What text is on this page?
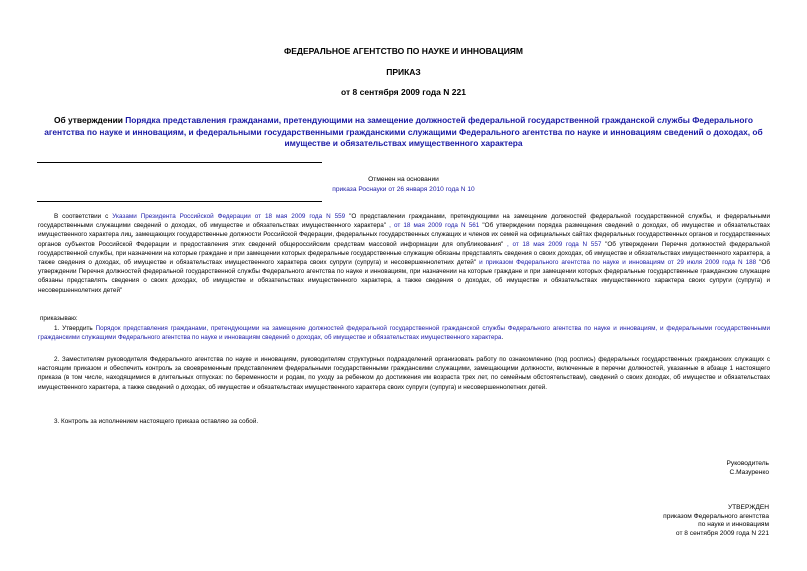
ФЕДЕРАЛЬНОЕ АГЕНТСТВО ПО НАУКЕ И ИННОВАЦИЯМ
ПРИКАЗ
от 8 сентября 2009 года N 221
Об утверждении Порядка представления гражданами, претендующими на замещение должностей федеральной государственной гражданской службы Федерального агентства по науке и инновациям, и федеральными государственными гражданскими служащими Федерального агентства по науке и инновациям сведений о доходах, об имуществе и обязательствах имущественного характера
Отменен на основании
приказа Роснауки от 26 января 2010 года N 10

В соответствии с Указами Президента Российской Федерации от 18 мая 2009 года N 559 "О представлении гражданами, претендующими на замещение должностей федеральной государственной службы, и федеральными государственными служащими сведений о доходах, об имуществе и обязательствах имущественного характера" , от 18 мая 2009 года N 561 "Об утверждении порядка размещения сведений о доходах, об имуществе и обязательствах имущественного характера лиц, замещающих государственные должности Российской Федерации, федеральных государственных служащих и членов их семей на официальных сайтах федеральных государственных органов и государственных органов субъектов Российской Федерации и предоставления этих сведений общероссийским средствам массовой информации для опубликования" , от 18 мая 2009 года N 557 "Об утверждении Перечня должностей федеральной государственной службы, при назначении на которые граждане и при замещении которых федеральные государственные служащие обязаны представлять сведения о своих доходах, об имуществе и обязательствах имущественного характера, а также сведения о доходах, об имуществе и обязательствах имущественного характера своих супруги (супруга) и несовершеннолетних детей" и приказом Федерального агентства по науке и инновациям от 29 июля 2009 года N 188 "Об утверждении Перечня должностей федеральной государственной службы Федерального агентства по науке и инновациям, при назначении на которые граждане и при замещении которых федеральные государственные гражданские служащие обязаны представлять сведения о своих доходах, об имуществе и обязательствах имущественного характера, а также сведения о доходах, об имуществе и обязательствах имущественного характера своих супруги (супруга) и несовершеннолетних детей"

приказываю:

1. Утвердить Порядок представления гражданами, претендующими на замещение должностей федеральной государственной гражданской службы Федерального агентства по науке и инновациям, и федеральными государственными гражданскими служащими Федерального агентства по науке и инновациям сведений о доходах, об имуществе и обязательствах имущественного характера.

2. Заместителям руководителя Федерального агентства по науке и инновациям, руководителям структурных подразделений организовать работу по ознакомлению (под роспись) федеральных государственных гражданских служащих с настоящим приказом и обеспечить контроль за своевременным представлением федеральными государственными гражданскими служащими, замещающими должности, включенные в перечни должностей, указанные в абзаце 1 настоящего приказа (в том числе, находящимися в длительных отпусках: по беременности и родам, по уходу за ребенком до достижения им возраста трех лет, по семейным обстоятельствам), сведений о своих доходах, об имуществе и обязательствах имущественного характера, а также сведений о доходах, об имуществе и обязательствах имущественного характера своих супруги (супруга) и несовершеннолетних детей.

3. Контроль за исполнением настоящего приказа оставляю за собой.

Руководитель
С.Мазуренко
УТВЕРЖДЕН
приказом Федерального агентства
по науке и инновациям
от 8 сентября 2009 года N 221
